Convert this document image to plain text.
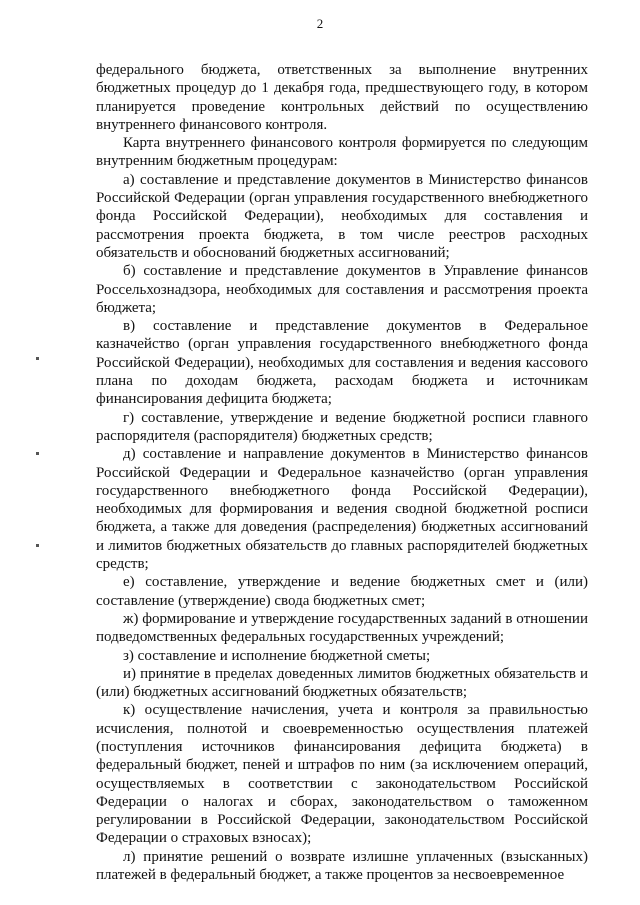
2

федерального бюджета, ответственных за выполнение внутренних бюджетных процедур до 1 декабря года, предшествующего году, в котором планируется проведение контрольных действий по осуществлению внутреннего финансового контроля.

Карта внутреннего финансового контроля формируется по следующим внутренним бюджетным процедурам:

а) составление и представление документов в Министерство финансов Российской Федерации (орган управления государственного внебюджетного фонда Российской Федерации), необходимых для составления и рассмотрения проекта бюджета, в том числе реестров расходных обязательств и обоснований бюджетных ассигнований;

б) составление и представление документов в Управление финансов Россельхознадзора, необходимых для составления и рассмотрения проекта бюджета;

в) составление и представление документов в Федеральное казначейство (орган управления государственного внебюджетного фонда Российской Федерации), необходимых для составления и ведения кассового плана по доходам бюджета, расходам бюджета и источникам финансирования дефицита бюджета;

г) составление, утверждение и ведение бюджетной росписи главного распорядителя (распорядителя) бюджетных средств;

д) составление и направление документов в Министерство финансов Российской Федерации и Федеральное казначейство (орган управления государственного внебюджетного фонда Российской Федерации), необходимых для формирования и ведения сводной бюджетной росписи бюджета, а также для доведения (распределения) бюджетных ассигнований и лимитов бюджетных обязательств до главных распорядителей бюджетных средств;

е) составление, утверждение и ведение бюджетных смет и (или) составление (утверждение) свода бюджетных смет;

ж) формирование и утверждение государственных заданий в отношении подведомственных федеральных государственных учреждений;

з) составление и исполнение бюджетной сметы;

и) принятие в пределах доведенных лимитов бюджетных обязательств и (или) бюджетных ассигнований бюджетных обязательств;

к) осуществление начисления, учета и контроля за правильностью исчисления, полнотой и своевременностью осуществления платежей (поступления источников финансирования дефицита бюджета) в федеральный бюджет, пеней и штрафов по ним (за исключением операций, осуществляемых в соответствии с законодательством Российской Федерации о налогах и сборах, законодательством о таможенном регулировании в Российской Федерации, законодательством Российской Федерации о страховых взносах);

л) принятие решений о возврате излишне уплаченных (взысканных) платежей в федеральный бюджет, а также процентов за несвоевременное
